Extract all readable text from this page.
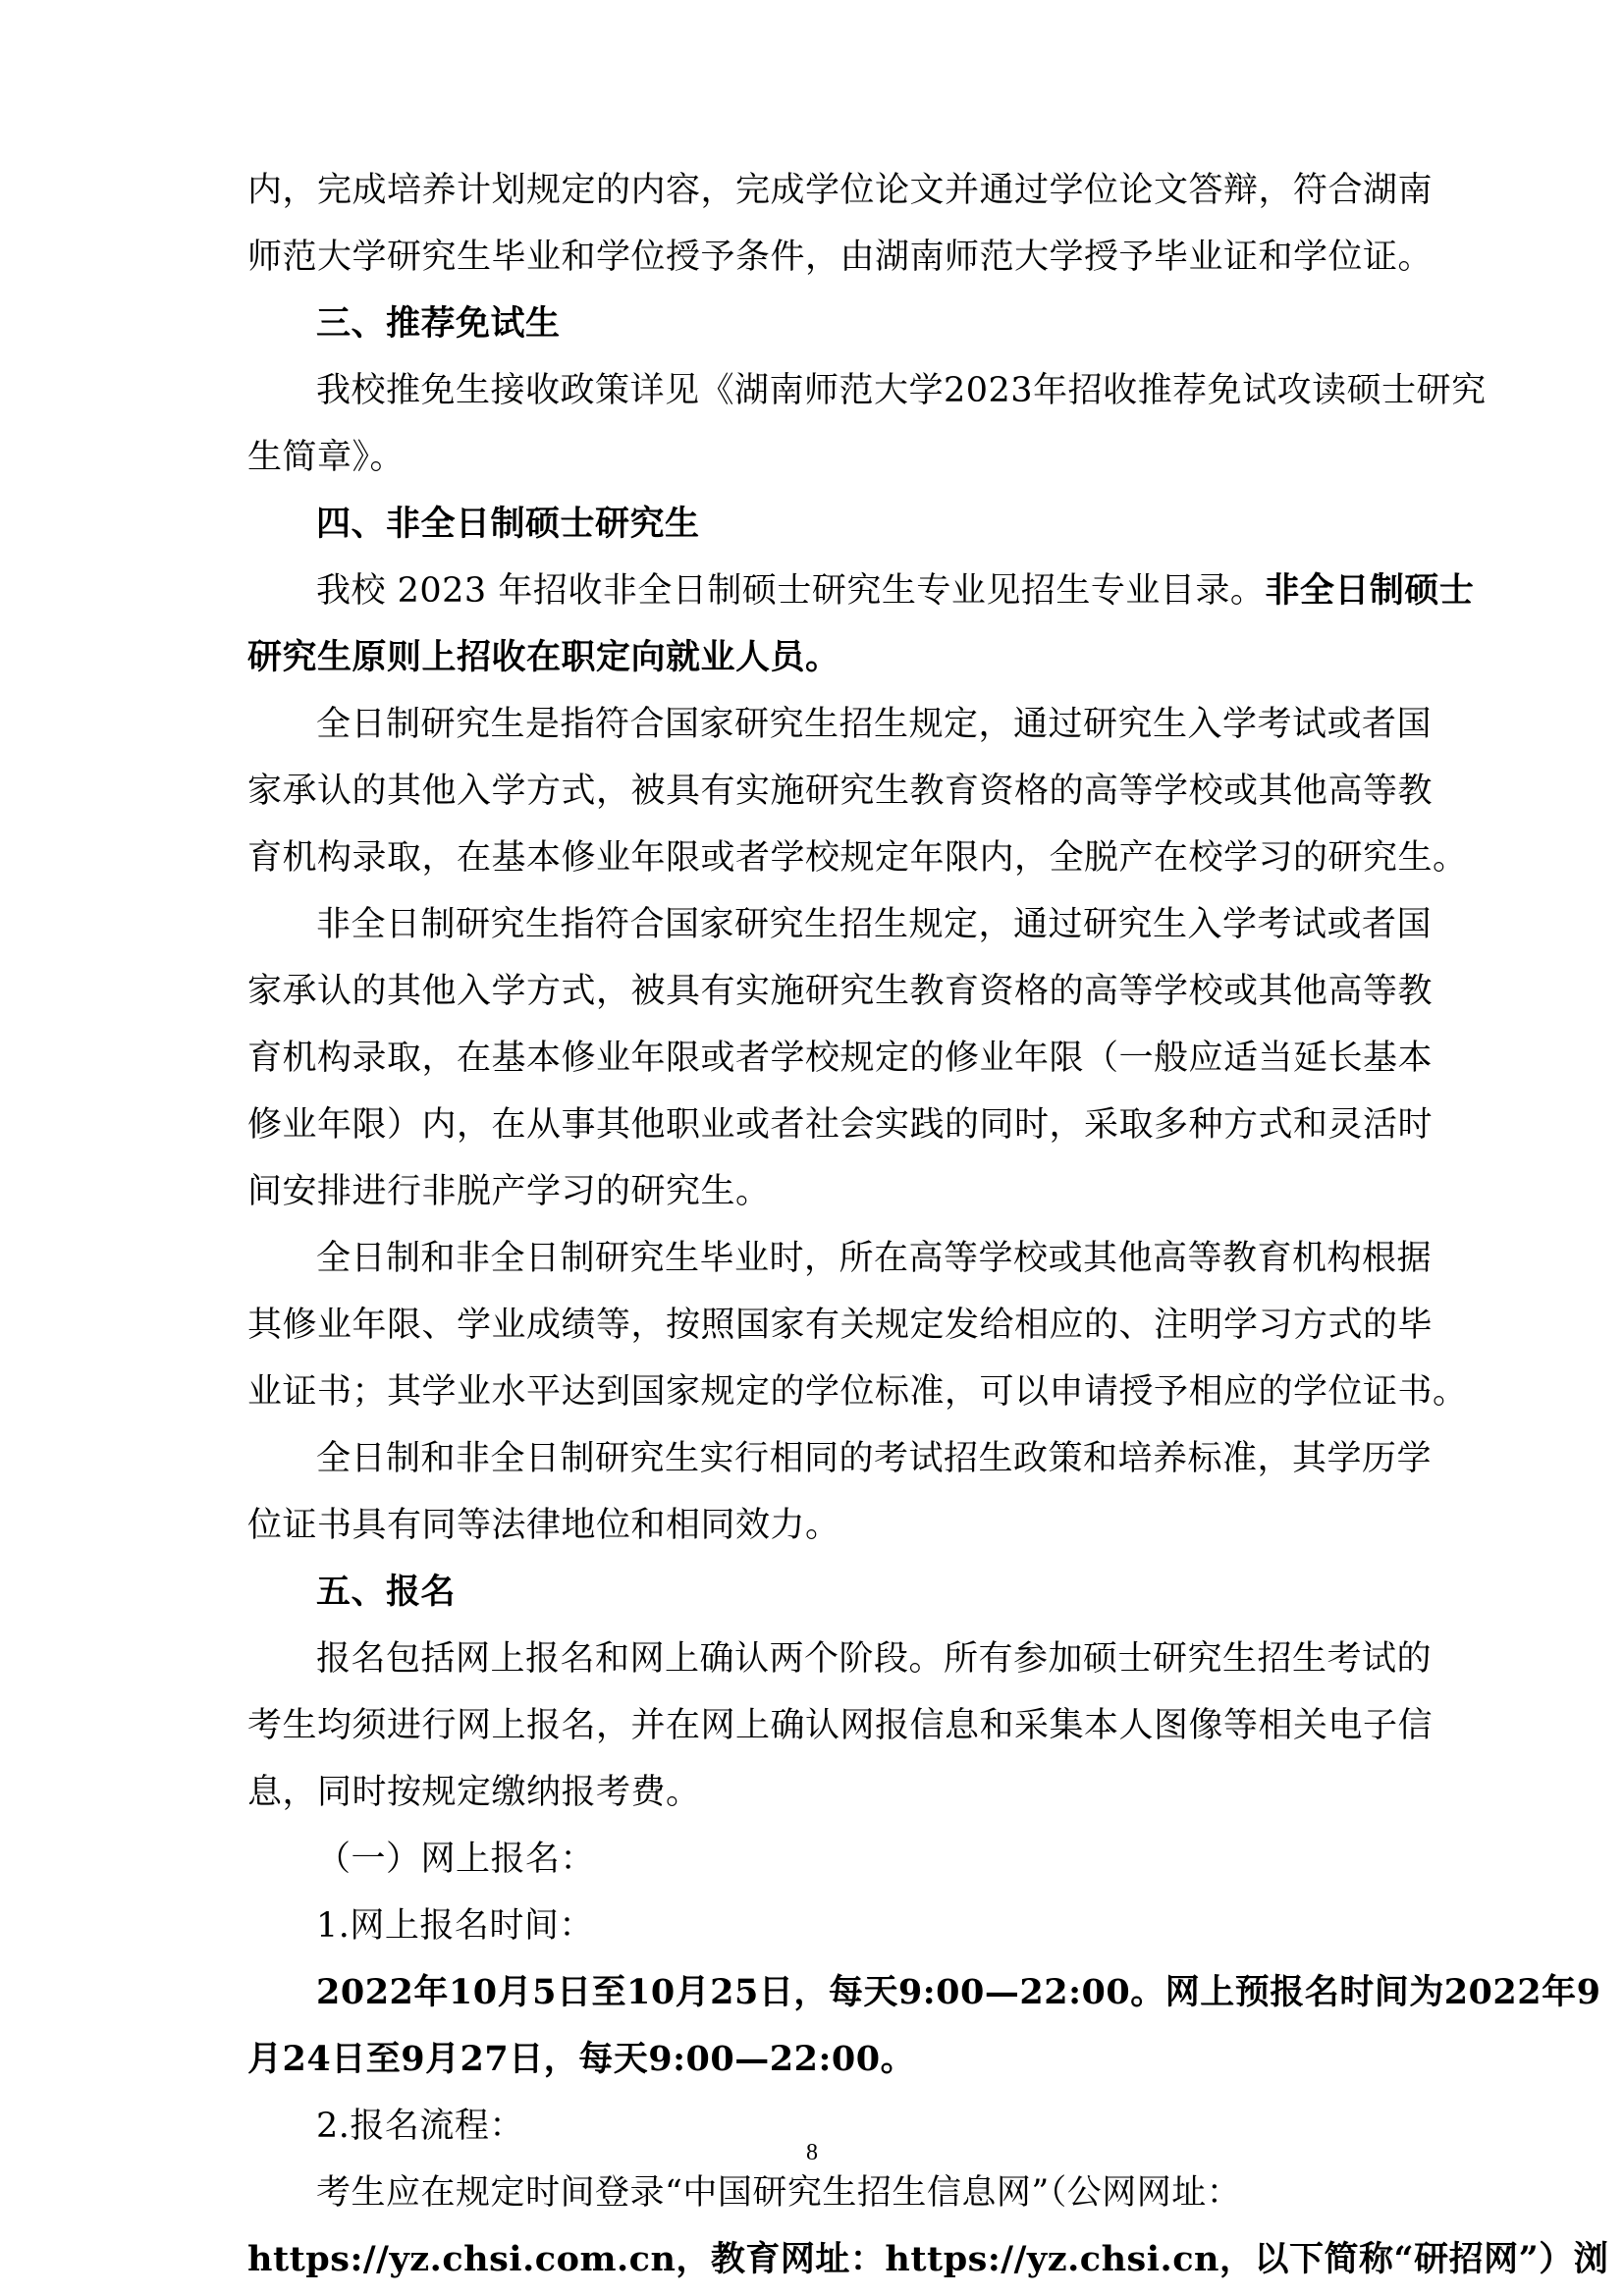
内，完成培养计划规定的内容，完成学位论文并通过学位论文答辩，符合湖南
师范大学研究生毕业和学位授予条件，由湖南师范大学授予毕业证和学位证。
三、推荐免试生
我校推免生接收政策详见《湖南师范大学2023年招收推荐免试攻读硕士研究
生简章》。
四、非全日制硕士研究生
我校 2023 年招收非全日制硕士研究生专业见招生专业目录。非全日制硕士
研究生原则上招收在职定向就业人员。
全日制研究生是指符合国家研究生招生规定，通过研究生入学考试或者国
家承认的其他入学方式，被具有实施研究生教育资格的高等学校或其他高等教
育机构录取，在基本修业年限或者学校规定年限内，全脱产在校学习的研究生。
非全日制研究生指符合国家研究生招生规定，通过研究生入学考试或者国
家承认的其他入学方式，被具有实施研究生教育资格的高等学校或其他高等教
育机构录取，在基本修业年限或者学校规定的修业年限（一般应适当延长基本
修业年限）内，在从事其他职业或者社会实践的同时，采取多种方式和灵活时
间安排进行非脱产学习的研究生。
全日制和非全日制研究生毕业时，所在高等学校或其他高等教育机构根据
其修业年限、学业成绩等，按照国家有关规定发给相应的、注明学习方式的毕
业证书；其学业水平达到国家规定的学位标准，可以申请授予相应的学位证书。
全日制和非全日制研究生实行相同的考试招生政策和培养标准，其学历学
位证书具有同等法律地位和相同效力。
五、报名
报名包括网上报名和网上确认两个阶段。所有参加硕士研究生招生考试的
考生均须进行网上报名，并在网上确认网报信息和采集本人图像等相关电子信
息，同时按规定缴纳报考费。
（一）网上报名：
1.网上报名时间：
2022年10月5日至10月25日，每天9:00—22:00。网上预报名时间为2022年9
月24日至9月27日，每天9:00—22:00。
2.报名流程：
考生应在规定时间登录“中国研究生招生信息网”（公网网址：
https://yz.chsi.com.cn，教育网址：https://yz.chsi.cn，以下简称“研招网”）浏
8
